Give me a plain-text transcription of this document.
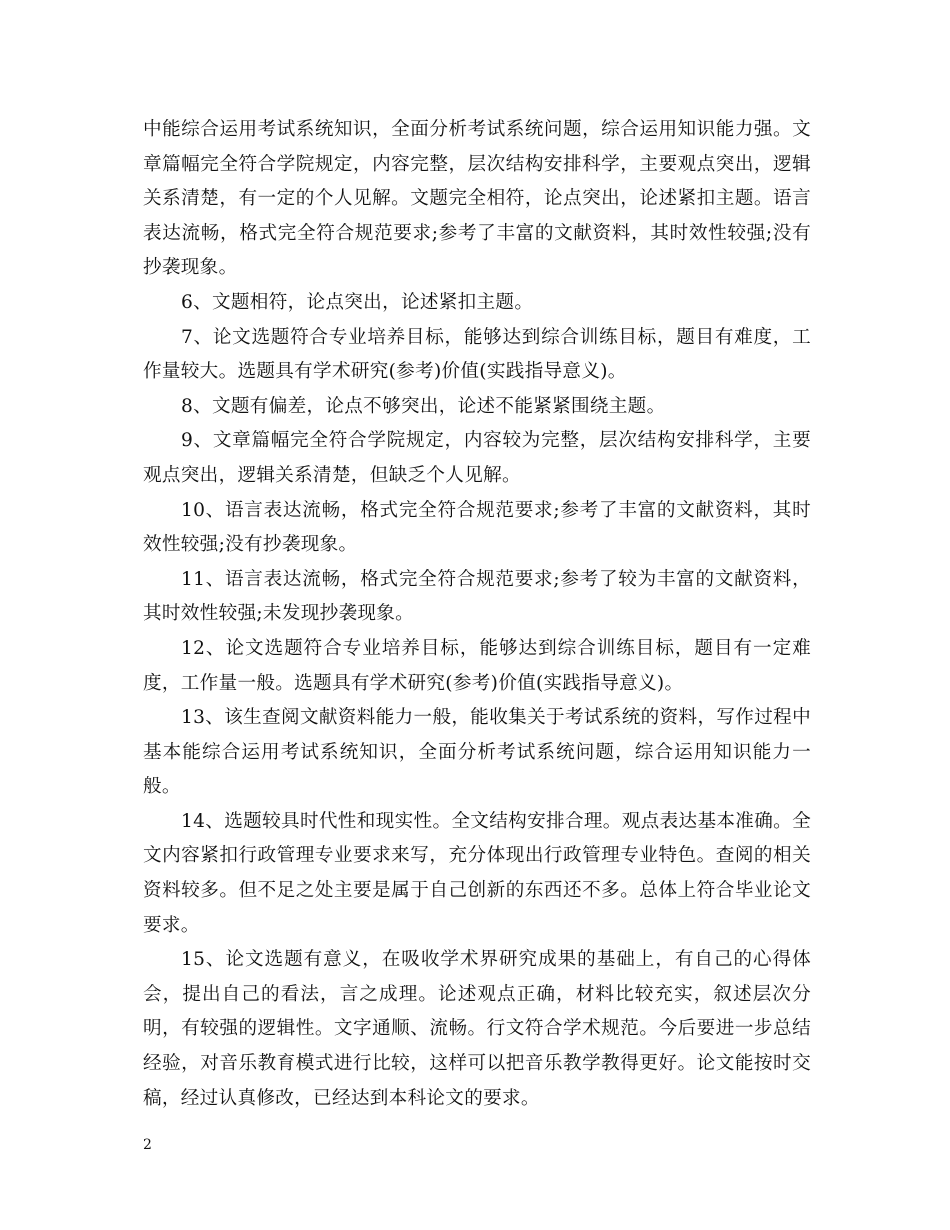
中能综合运用考试系统知识，全面分析考试系统问题，综合运用知识能力强。文章篇幅完全符合学院规定，内容完整，层次结构安排科学，主要观点突出，逻辑关系清楚，有一定的个人见解。文题完全相符，论点突出，论述紧扣主题。语言表达流畅，格式完全符合规范要求;参考了丰富的文献资料，其时效性较强;没有抄袭现象。

6、文题相符，论点突出，论述紧扣主题。

7、论文选题符合专业培养目标，能够达到综合训练目标，题目有难度，工作量较大。选题具有学术研究(参考)价值(实践指导意义)。

8、文题有偏差，论点不够突出，论述不能紧紧围绕主题。

9、文章篇幅完全符合学院规定，内容较为完整，层次结构安排科学，主要观点突出，逻辑关系清楚，但缺乏个人见解。

10、语言表达流畅，格式完全符合规范要求;参考了丰富的文献资料，其时效性较强;没有抄袭现象。

11、语言表达流畅，格式完全符合规范要求;参考了较为丰富的文献资料，其时效性较强;未发现抄袭现象。

12、论文选题符合专业培养目标，能够达到综合训练目标，题目有一定难度，工作量一般。选题具有学术研究(参考)价值(实践指导意义)。

13、该生查阅文献资料能力一般，能收集关于考试系统的资料，写作过程中基本能综合运用考试系统知识，全面分析考试系统问题，综合运用知识能力一般。

14、选题较具时代性和现实性。全文结构安排合理。观点表达基本准确。全文内容紧扣行政管理专业要求来写，充分体现出行政管理专业特色。查阅的相关资料较多。但不足之处主要是属于自己创新的东西还不多。总体上符合毕业论文要求。

15、论文选题有意义，在吸收学术界研究成果的基础上，有自己的心得体会，提出自己的看法，言之成理。论述观点正确，材料比较充实，叙述层次分明，有较强的逻辑性。文字通顺、流畅。行文符合学术规范。今后要进一步总结经验，对音乐教育模式进行比较，这样可以把音乐教学教得更好。论文能按时交稿，经过认真修改，已经达到本科论文的要求。

2
